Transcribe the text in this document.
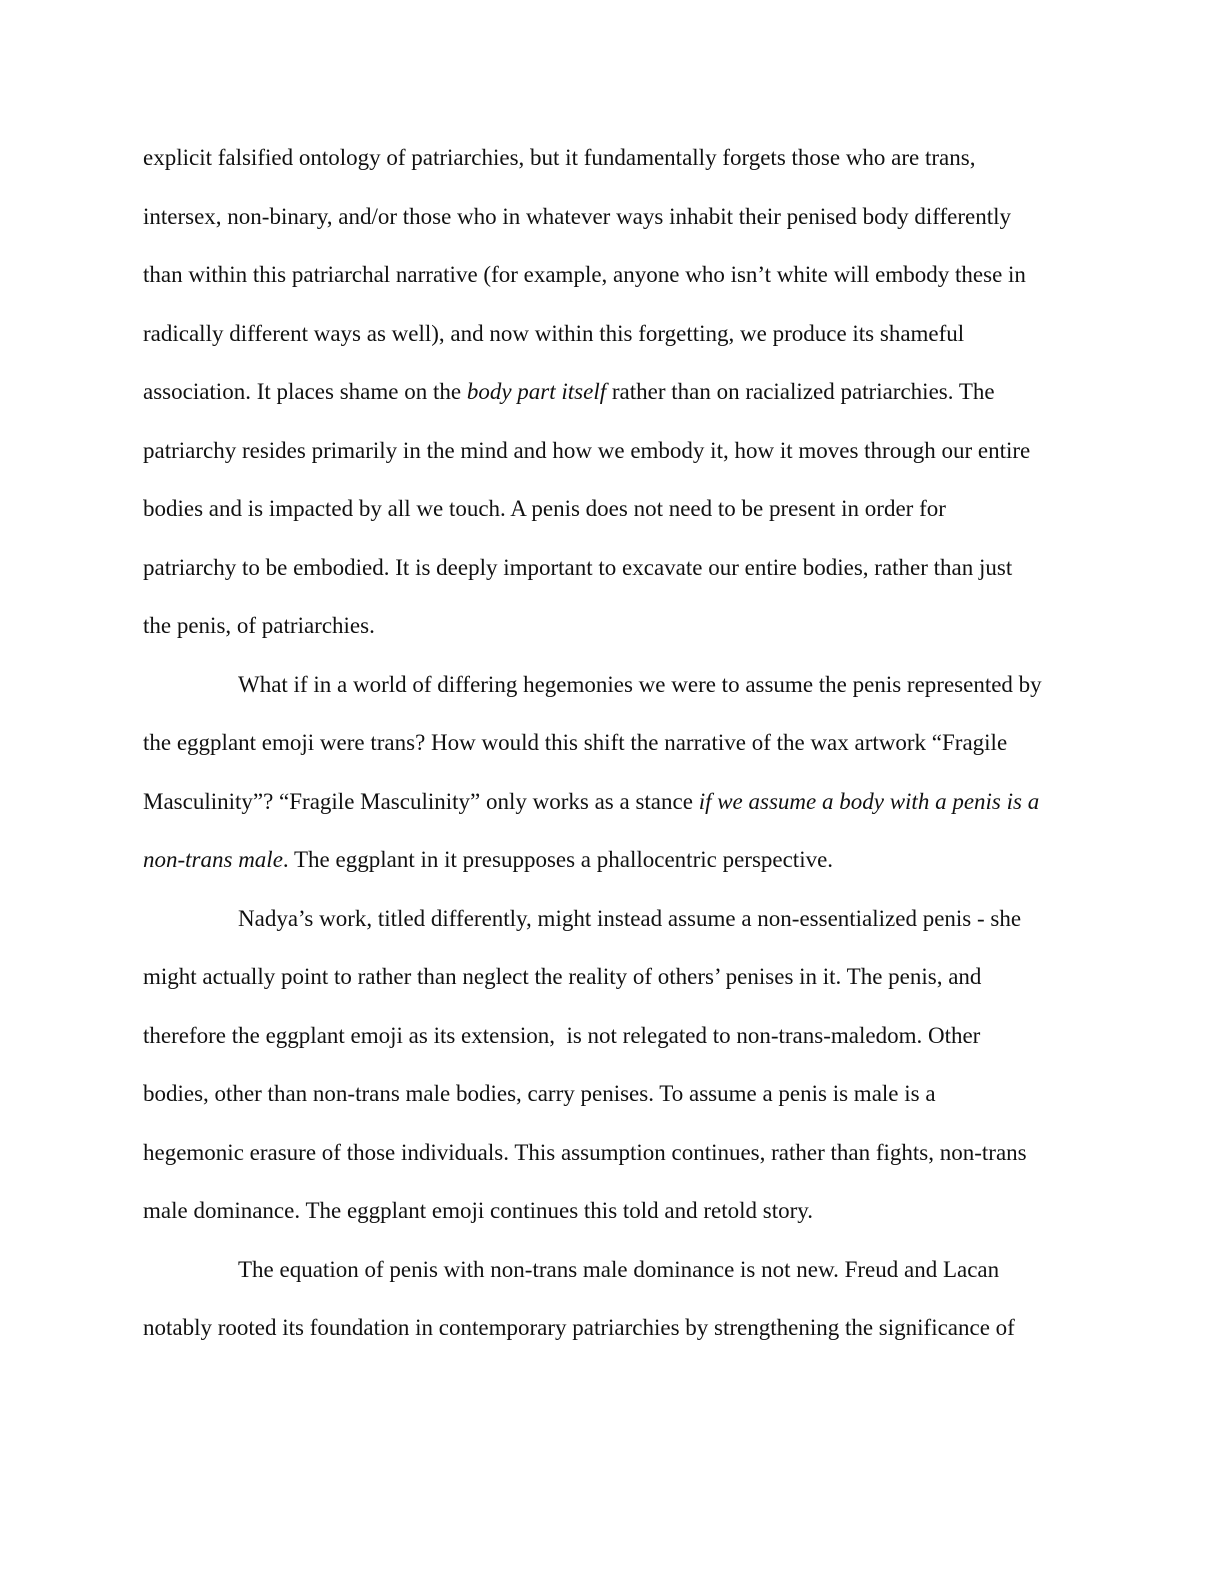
explicit falsified ontology of patriarchies, but it fundamentally forgets those who are trans,
intersex, non-binary, and/or those who in whatever ways inhabit their penised body differently
than within this patriarchal narrative (for example, anyone who isn’t white will embody these in
radically different ways as well), and now within this forgetting, we produce its shameful
association. It places shame on the body part itself rather than on racialized patriarchies. The
patriarchy resides primarily in the mind and how we embody it, how it moves through our entire
bodies and is impacted by all we touch. A penis does not need to be present in order for
patriarchy to be embodied. It is deeply important to excavate our entire bodies, rather than just
the penis, of patriarchies.
What if in a world of differing hegemonies we were to assume the penis represented by
the eggplant emoji were trans? How would this shift the narrative of the wax artwork “Fragile
Masculinity”? “Fragile Masculinity” only works as a stance if we assume a body with a penis is a
non-trans male. The eggplant in it presupposes a phallocentric perspective.
Nadya’s work, titled differently, might instead assume a non-essentialized penis - she
might actually point to rather than neglect the reality of others’ penises in it. The penis, and
therefore the eggplant emoji as its extension,  is not relegated to non-trans-maledom. Other
bodies, other than non-trans male bodies, carry penises. To assume a penis is male is a
hegemonic erasure of those individuals. This assumption continues, rather than fights, non-trans
male dominance. The eggplant emoji continues this told and retold story.
The equation of penis with non-trans male dominance is not new. Freud and Lacan
notably rooted its foundation in contemporary patriarchies by strengthening the significance of
